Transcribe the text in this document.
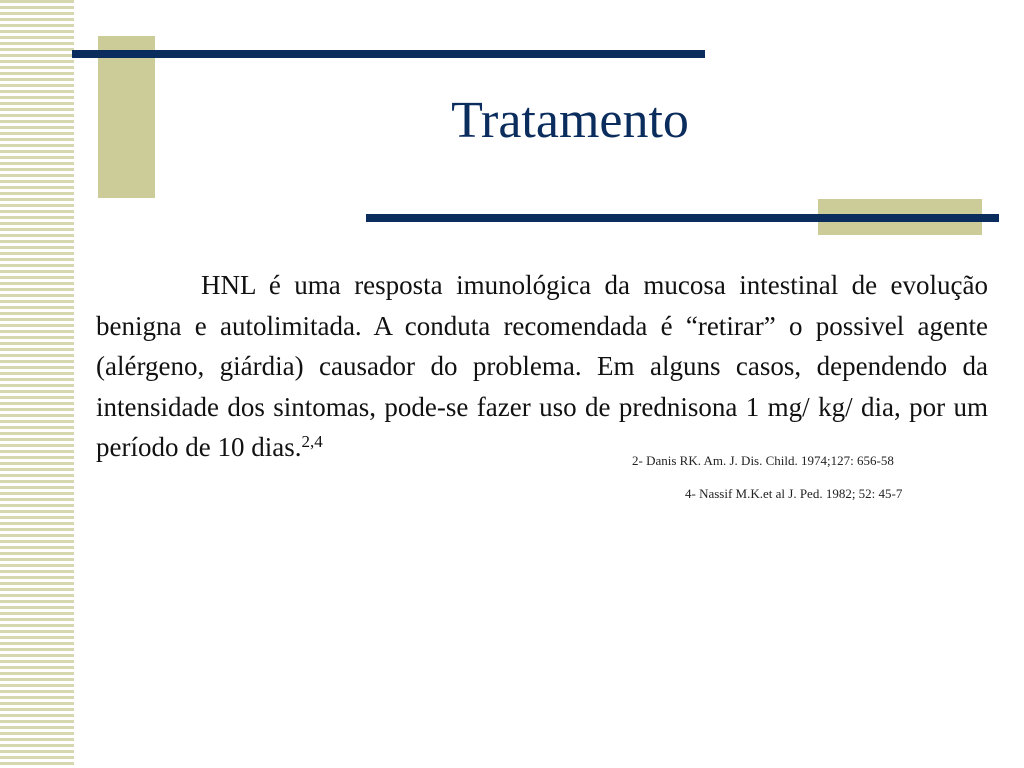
Tratamento

HNL é uma resposta imunológica da mucosa intestinal de evolução benigna e autolimitada. A conduta recomendada é “retirar” o possivel agente (alérgeno, giárdia) causador do problema. Em alguns casos, dependendo da intensidade dos sintomas, pode-se fazer uso de prednisona 1 mg/ kg/ dia, por um período de 10 dias.$^{2,4}$

2- Danis RK. Am. J. Dis. Child. 1974;127: 656-58

4- Nassif M.K.et al J. Ped. 1982; 52: 45-7
